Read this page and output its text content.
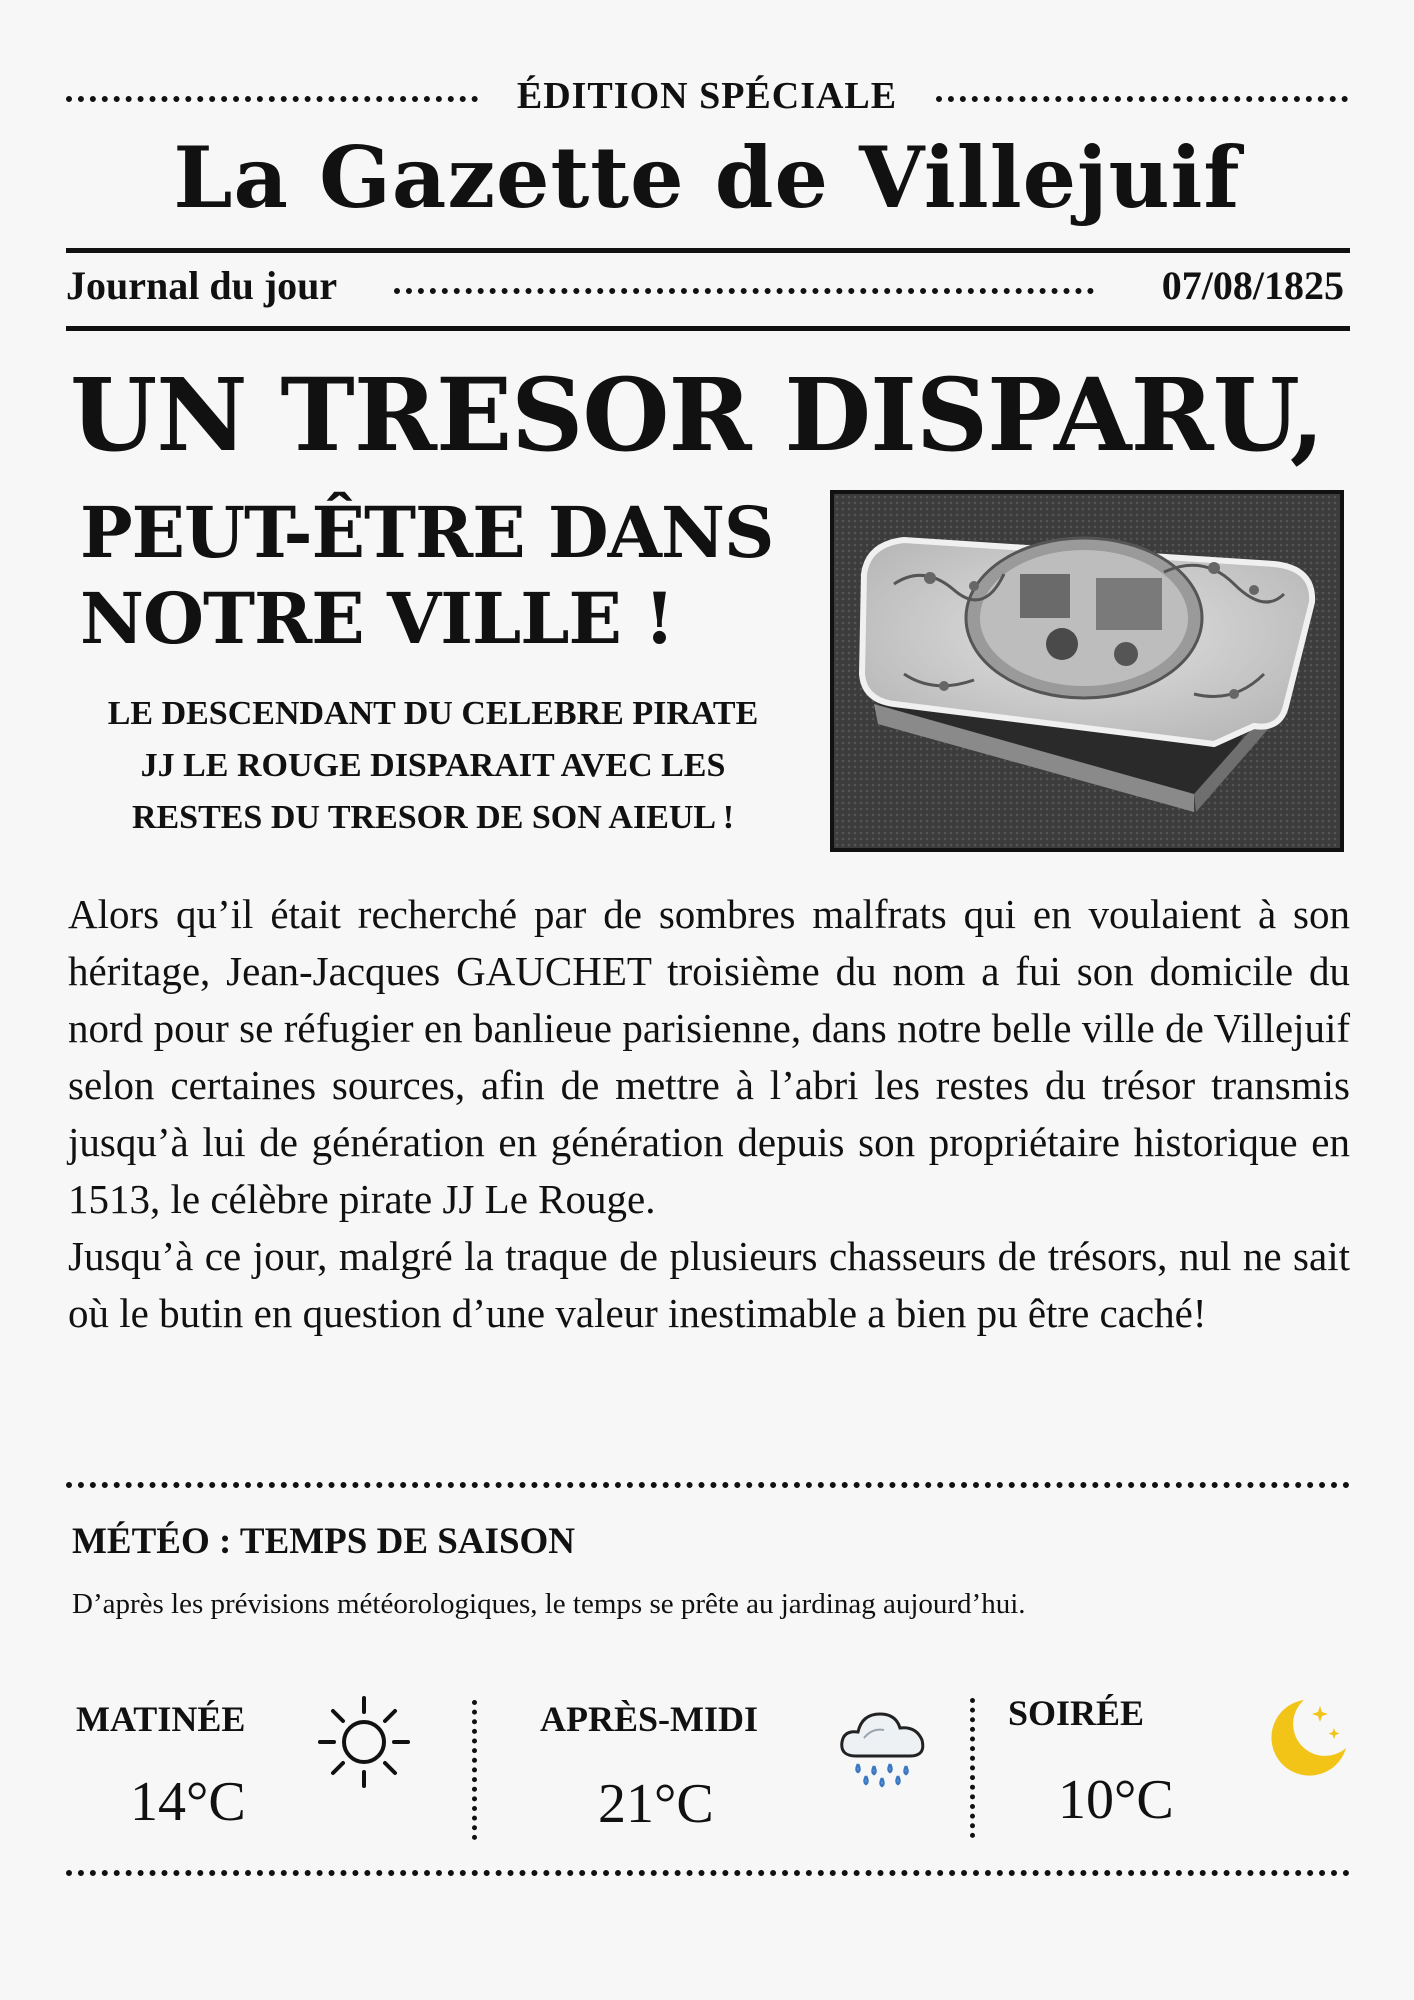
ÉDITION SPÉCIALE
La Gazette de Villejuif
Journal du jour	07/08/1825
UN TRESOR DISPARU,
PEUT-ÊTRE DANS
NOTRE VILLE !
LE DESCENDANT DU CELEBRE PIRATE
JJ LE ROUGE DISPARAIT AVEC LES
RESTES DU TRESOR DE SON AIEUL !

Alors qu’il était recherché par de sombres malfrats qui en voulaient à son héritage, Jean-Jacques GAUCHET troisième du nom a fui son domicile du nord pour se réfugier en banlieue parisienne, dans notre belle ville de Villejuif selon certaines sources, afin de mettre à l’abri les restes du trésor transmis jusqu’à lui de génération en génération depuis son propriétaire historique en 1513, le célèbre pirate JJ Le Rouge.

Jusqu’à ce jour, malgré la traque de plusieurs chasseurs de trésors, nul ne sait où le butin en question d’une valeur inestimable a bien pu être caché!

MÉTÉO : TEMPS DE SAISON
D’après les prévisions météorologiques, le temps se prête au jardinag aujourd’hui.
MATINÉE
14°C
APRÈS-MIDI
21°C
SOIRÉE
10°C
